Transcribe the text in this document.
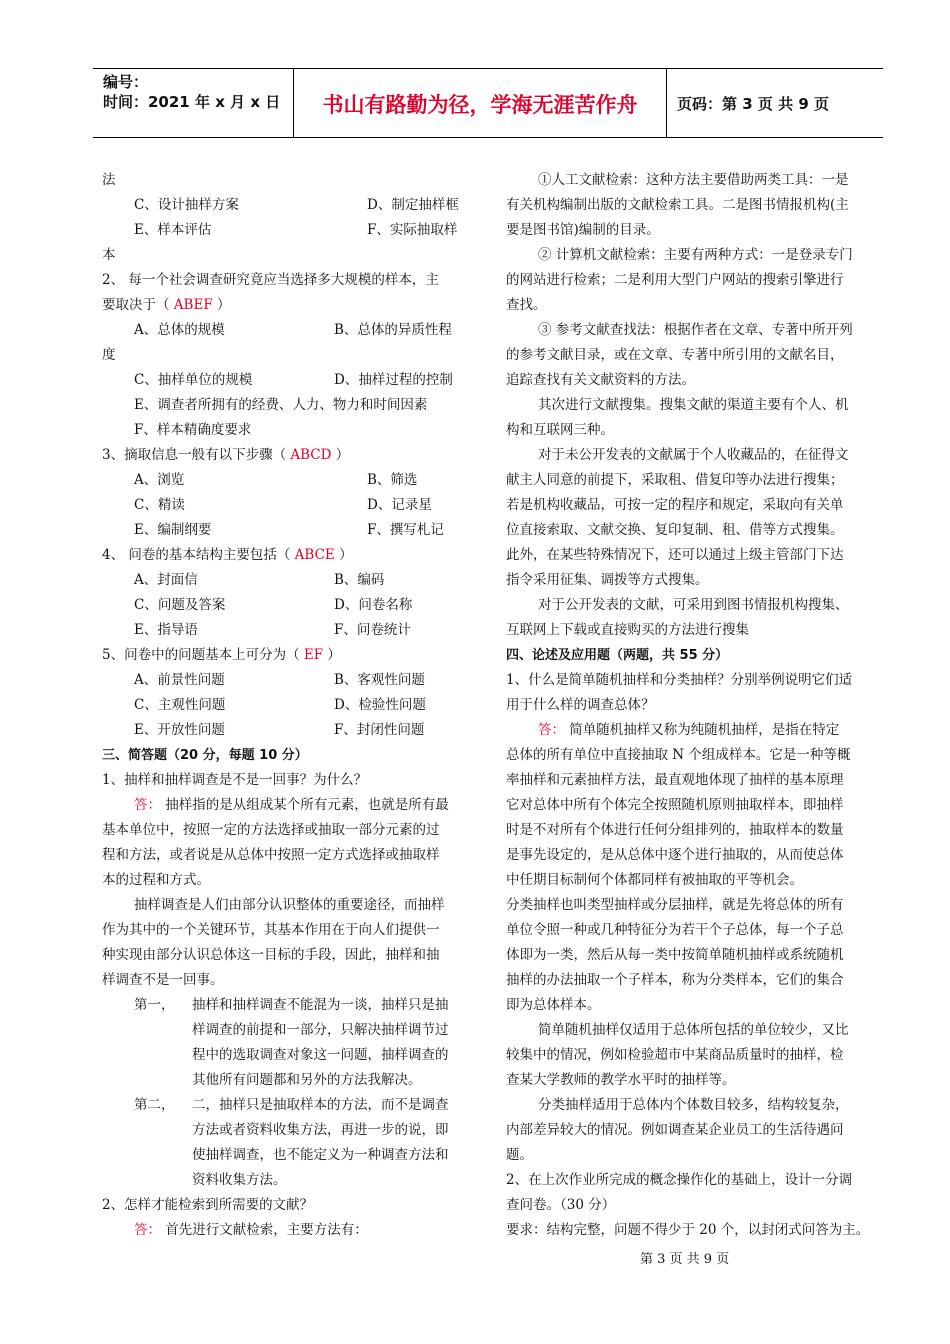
编号：
时间：2021 年 x 月 x 日	书山有路勤为径，学海无涯苦作舟	页码：第 3 页 共 9 页
法
C、设计抽样方案	D、制定抽样框
E、样本评估	F、实际抽取样
本
2、 每一个社会调查研究竟应当选择多大规模的样本，主
要取决于（ ABEF ）
A、总体的规模	B、总体的异质性程
度
C、抽样单位的规模	D、抽样过程的控制
E、调查者所拥有的经费、人力、物力和时间因素
F、样本精确度要求
3、摘取信息一般有以下步骤（ ABCD ）
A、浏览	B、筛选
C、精读	D、记录星
E、编制纲要	F、撰写札记
4、 问卷的基本结构主要包括（ ABCE ）
A、封面信	B、编码
C、问题及答案	D、问卷名称
E、指导语	F、问卷统计
5、问卷中的问题基本上可分为（ EF ）
A、前景性问题	B、客观性问题
C、主观性问题	D、检验性问题
E、开放性问题	F、封闭性问题
三、简答题（20 分，每题 10 分）
1、抽样和抽样调查是不是一回事？为什么？
答： 抽样指的是从组成某个所有元素，也就是所有最
基本单位中，按照一定的方法选择或抽取一部分元素的过
程和方法，或者说是从总体中按照一定方式选择或抽取样
本的过程和方式。
抽样调查是人们由部分认识整体的重要途径，而抽样
作为其中的一个关键环节，其基本作用在于向人们提供一
种实现由部分认识总体这一目标的手段，因此，抽样和抽
样调查不是一回事。
第一， 抽样和抽样调查不能混为一谈，抽样只是抽
样调查的前提和一部分，只解决抽样调节过
程中的选取调查对象这一问题，抽样调查的
其他所有问题都和另外的方法我解决。
第二， 二，抽样只是抽取样本的方法，而不是调查
方法或者资料收集方法，再进一步的说，即
使抽样调查，也不能定义为一种调查方法和
资料收集方法。
2、怎样才能检索到所需要的文献？
答： 首先进行文献检索，主要方法有：
①人工文献检索：这种方法主要借助两类工具：一是
有关机构编制出版的文献检索工具。二是图书情报机构(主
要是图书馆)编制的目录。
② 计算机文献检索：主要有两种方式：一是登录专门
的网站进行检索；二是利用大型门户网站的搜索引擎进行
查找。
③ 参考文献查找法：根据作者在文章、专著中所开列
的参考文献目录，或在文章、专著中所引用的文献名目，
追踪查找有关文献资料的方法。
其次进行文献搜集。搜集文献的渠道主要有个人、机
构和互联网三种。
对于未公开发表的文献属于个人收藏品的，在征得文
献主人同意的前提下，采取租、借复印等办法进行搜集；
若是机构收藏品，可按一定的程序和规定，采取向有关单
位直接索取、文献交换、复印复制、租、借等方式搜集。
此外，在某些特殊情况下，还可以通过上级主管部门下达
指令采用征集、调拨等方式搜集。
对于公开发表的文献，可采用到图书情报机构搜集、
互联网上下载或直接购买的方法进行搜集
四、论述及应用题（两题，共 55 分）
1、什么是简单随机抽样和分类抽样？分别举例说明它们适
用于什么样的调查总体？
答： 简单随机抽样又称为纯随机抽样，是指在特定
总体的所有单位中直接抽取 N 个组成样本。它是一种等概
率抽样和元素抽样方法，最直观地体现了抽样的基本原理
它对总体中所有个体完全按照随机原则抽取样本，即抽样
时是不对所有个体进行任何分组排列的，抽取样本的数量
是事先设定的，是从总体中逐个进行抽取的，从而使总体
中任期目标制何个体都同样有被抽取的平等机会。
分类抽样也叫类型抽样或分层抽样，就是先将总体的所有
单位令照一种或几种特征分为若干个子总体，每一个子总
体即为一类，然后从每一类中按简单随机抽样或系统随机
抽样的办法抽取一个子样本，称为分类样本，它们的集合
即为总体样本。
简单随机抽样仅适用于总体所包括的单位较少，又比
较集中的情况，例如检验超市中某商品质量时的抽样，检
查某大学教师的教学水平时的抽样等。
分类抽样适用于总体内个体数目较多，结构较复杂，
内部差异较大的情况。例如调查某企业员工的生活待遇问
题。
2、在上次作业所完成的概念操作化的基础上，设计一分调
查问卷。（30 分）
要求：结构完整，问题不得少于 20 个，以封闭式问答为主。
第 3 页 共 9 页
